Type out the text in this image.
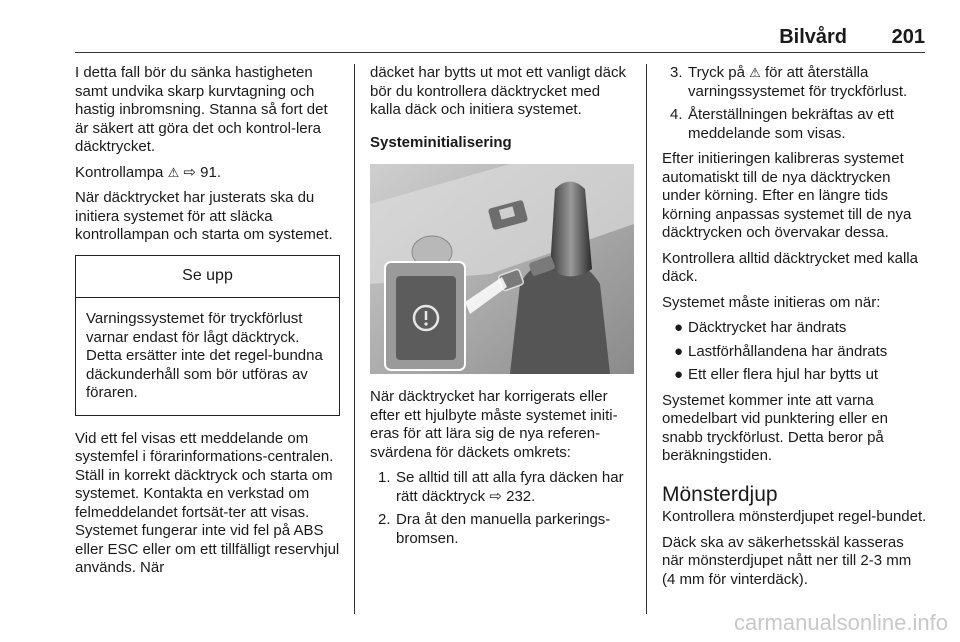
Bilvård 201

I detta fall bör du sänka hastigheten samt undvika skarp kurvtagning och hastig inbromsning. Stanna så fort det är säkert att göra det och kontrol-lera däcktrycket.

Kontrollampa ⚠ ⇨ 91.

När däcktrycket har justerats ska du initiera systemet för att släcka kontrollampan och starta om systemet.

Se upp
Varningssystemet för tryckförlust varnar endast för lågt däcktryck. Detta ersätter inte det regel-bundna däckunderhåll som bör utföras av föraren.

Vid ett fel visas ett meddelande om systemfel i förarinformations-centralen. Ställ in korrekt däcktryck och starta om systemet. Kontakta en verkstad om felmeddelandet fortsät-ter att visas. Systemet fungerar inte vid fel på ABS eller ESC eller om ett tillfälligt reservhjul används. När

däcket har bytts ut mot ett vanligt däck bör du kontrollera däcktrycket med kalla däck och initiera systemet.

Systeminitialisering

När däcktrycket har korrigerats eller efter ett hjulbyte måste systemet initi-eras för att lära sig de nya referen-svärdena för däckets omkrets:

1. Se alltid till att alla fyra däcken har rätt däcktryck ⇨ 232.
2. Dra åt den manuella parkerings-bromsen.
3. Tryck på ⚠ för att återställa varningssystemet för tryckförlust.
4. Återställningen bekräftas av ett meddelande som visas.

Efter initieringen kalibreras systemet automatiskt till de nya däcktrycken under körning. Efter en längre tids körning anpassas systemet till de nya däcktrycken och övervakar dessa.

Kontrollera alltid däcktrycket med kalla däck.

Systemet måste initieras om när:

● Däcktrycket har ändrats
● Lastförhållandena har ändrats
● Ett eller flera hjul har bytts ut

Systemet kommer inte att varna omedelbart vid punktering eller en snabb tryckförlust. Detta beror på beräkningstiden.

Mönsterdjup

Kontrollera mönsterdjupet regel-bundet.

Däck ska av säkerhetsskäl kasseras när mönsterdjupet nått ner till 2-3 mm (4 mm för vinterdäck).

carmanualsonline.info
